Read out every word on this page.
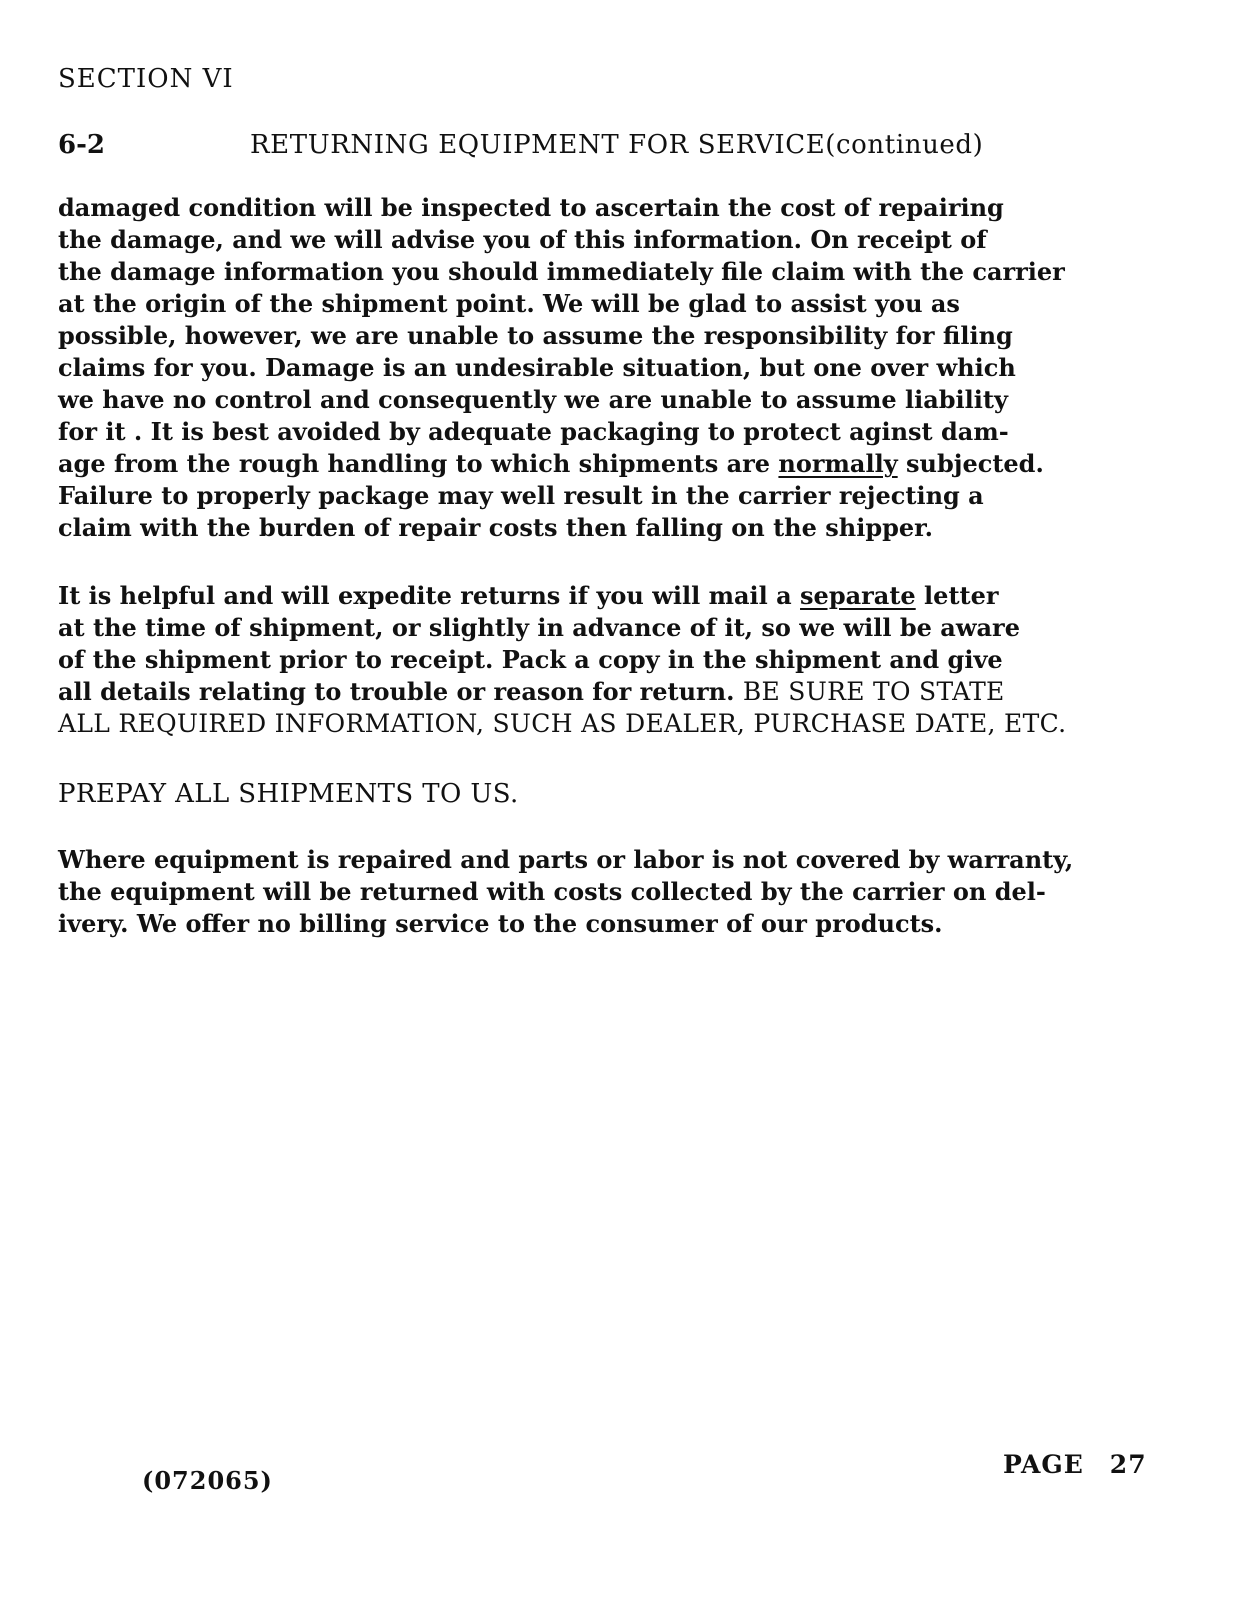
SECTION VI
6-2	RETURNING EQUIPMENT FOR SERVICE(continued)
damaged condition will be inspected to ascertain the cost of repairing
the damage, and we will advise you of this information. On receipt of
the damage information you should immediately file claim with the carrier
at the origin of the shipment point. We will be glad to assist you as
possible, however, we are unable to assume the responsibility for filing
claims for you. Damage is an undesirable situation, but one over which
we have no control and consequently we are unable to assume liability
for it . It is best avoided by adequate packaging to protect aginst dam-
age from the rough handling to which shipments are normally subjected.
Failure to properly package may well result in the carrier rejecting a
claim with the burden of repair costs then falling on the shipper.
It is helpful and will expedite returns if you will mail a separate letter
at the time of shipment, or slightly in advance of it, so we will be aware
of the shipment prior to receipt. Pack a copy in the shipment and give
all details relating to trouble or reason for return. BE SURE TO STATE
ALL REQUIRED INFORMATION, SUCH AS DEALER, PURCHASE DATE, ETC.
PREPAY ALL SHIPMENTS TO US.
Where equipment is repaired and parts or labor is not covered by warranty,
the equipment will be returned with costs collected by the carrier on del-
ivery. We offer no billing service to the consumer of our products.
(072065)
PAGE 27
